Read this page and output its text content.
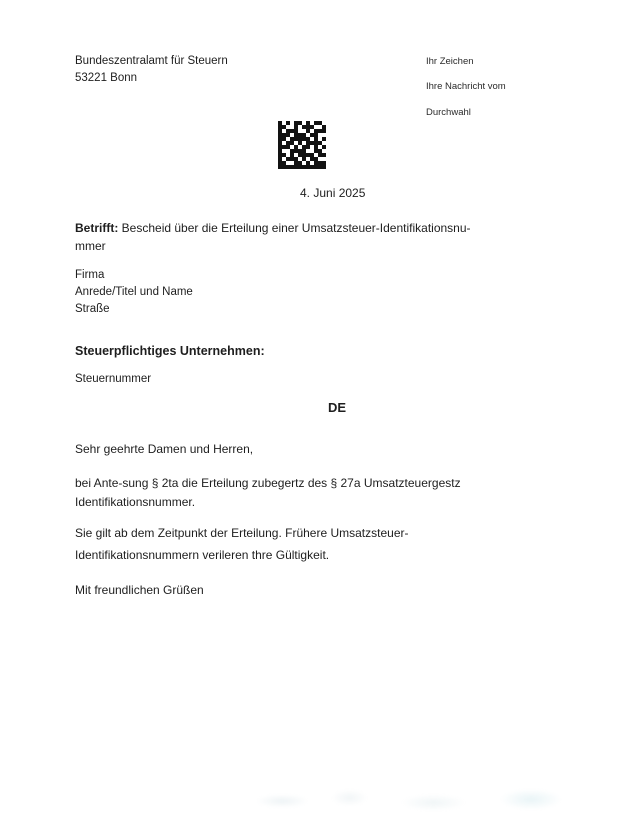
Bundeszentralamt für Steuern
53221 Bonn
Ihr Zeichen
Ihre Nachricht vom
Durchwahl
4. Juni 2025
Betrifft: Bescheid über die Erteilung einer Umsatzsteuer-Identifikationsnu-
mmer
Firma
Anrede/Titel und Name
Straße
Steuerpflichtiges Unternehmen:
Steuernummer
DE
Sehr geehrte Damen und Herren,
bei Ante-sung § 2ta die Erteilung zubegertz des § 27a Umsatzteuergestz
Identifikationsnummer.
Sie gilt ab dem Zeitpunkt der Erteilung. Frühere Umsatzsteuer-
Identifikationsnummern verileren thre Gültigkeit.
Mit freundlichen Grüßen
